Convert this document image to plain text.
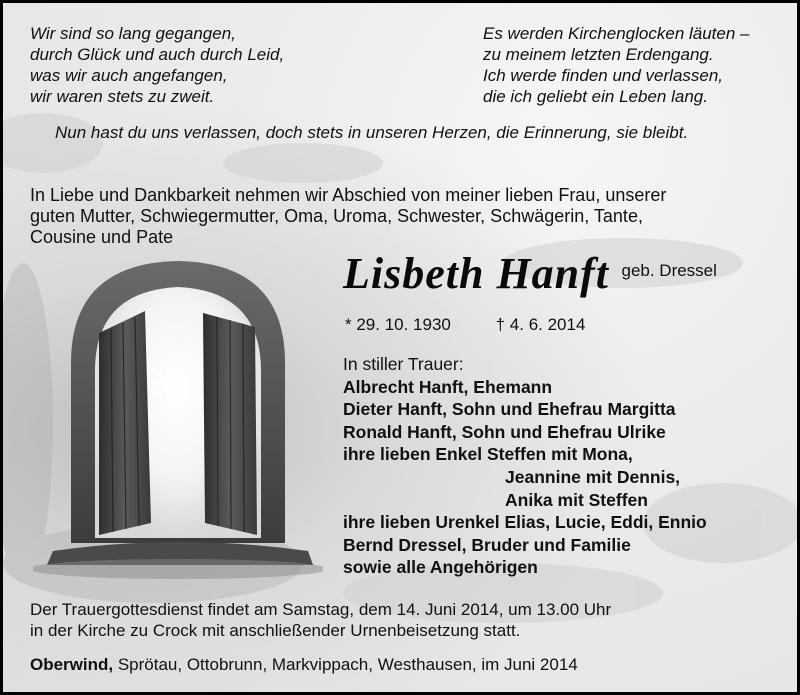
Wir sind so lang gegangen,
durch Glück und auch durch Leid,
was wir auch angefangen,
wir waren stets zu zweit.
Es werden Kirchenglocken läuten –
zu meinem letzten Erdengang.
Ich werde finden und verlassen,
die ich geliebt ein Leben lang.
Nun hast du uns verlassen, doch stets in unseren Herzen, die Erinnerung, sie bleibt.
In Liebe und Dankbarkeit nehmen wir Abschied von meiner lieben Frau, unserer
guten Mutter, Schwiegermutter, Oma, Uroma, Schwester, Schwägerin, Tante,
Cousine und Pate
Lisbeth Hanft geb. Dressel
* 29. 10. 1930	† 4. 6. 2014
In stiller Trauer:
Albrecht Hanft, Ehemann
Dieter Hanft, Sohn und Ehefrau Margitta
Ronald Hanft, Sohn und Ehefrau Ulrike
ihre lieben Enkel Steffen mit Mona,
Jeannine mit Dennis,
Anika mit Steffen
ihre lieben Urenkel Elias, Lucie, Eddi, Ennio
Bernd Dressel, Bruder und Familie
sowie alle Angehörigen
Der Trauergottesdienst findet am Samstag, dem 14. Juni 2014, um 13.00 Uhr
in der Kirche zu Crock mit anschließender Urnenbeisetzung statt.
Oberwind, Sprötau, Ottobrunn, Markvippach, Westhausen, im Juni 2014
